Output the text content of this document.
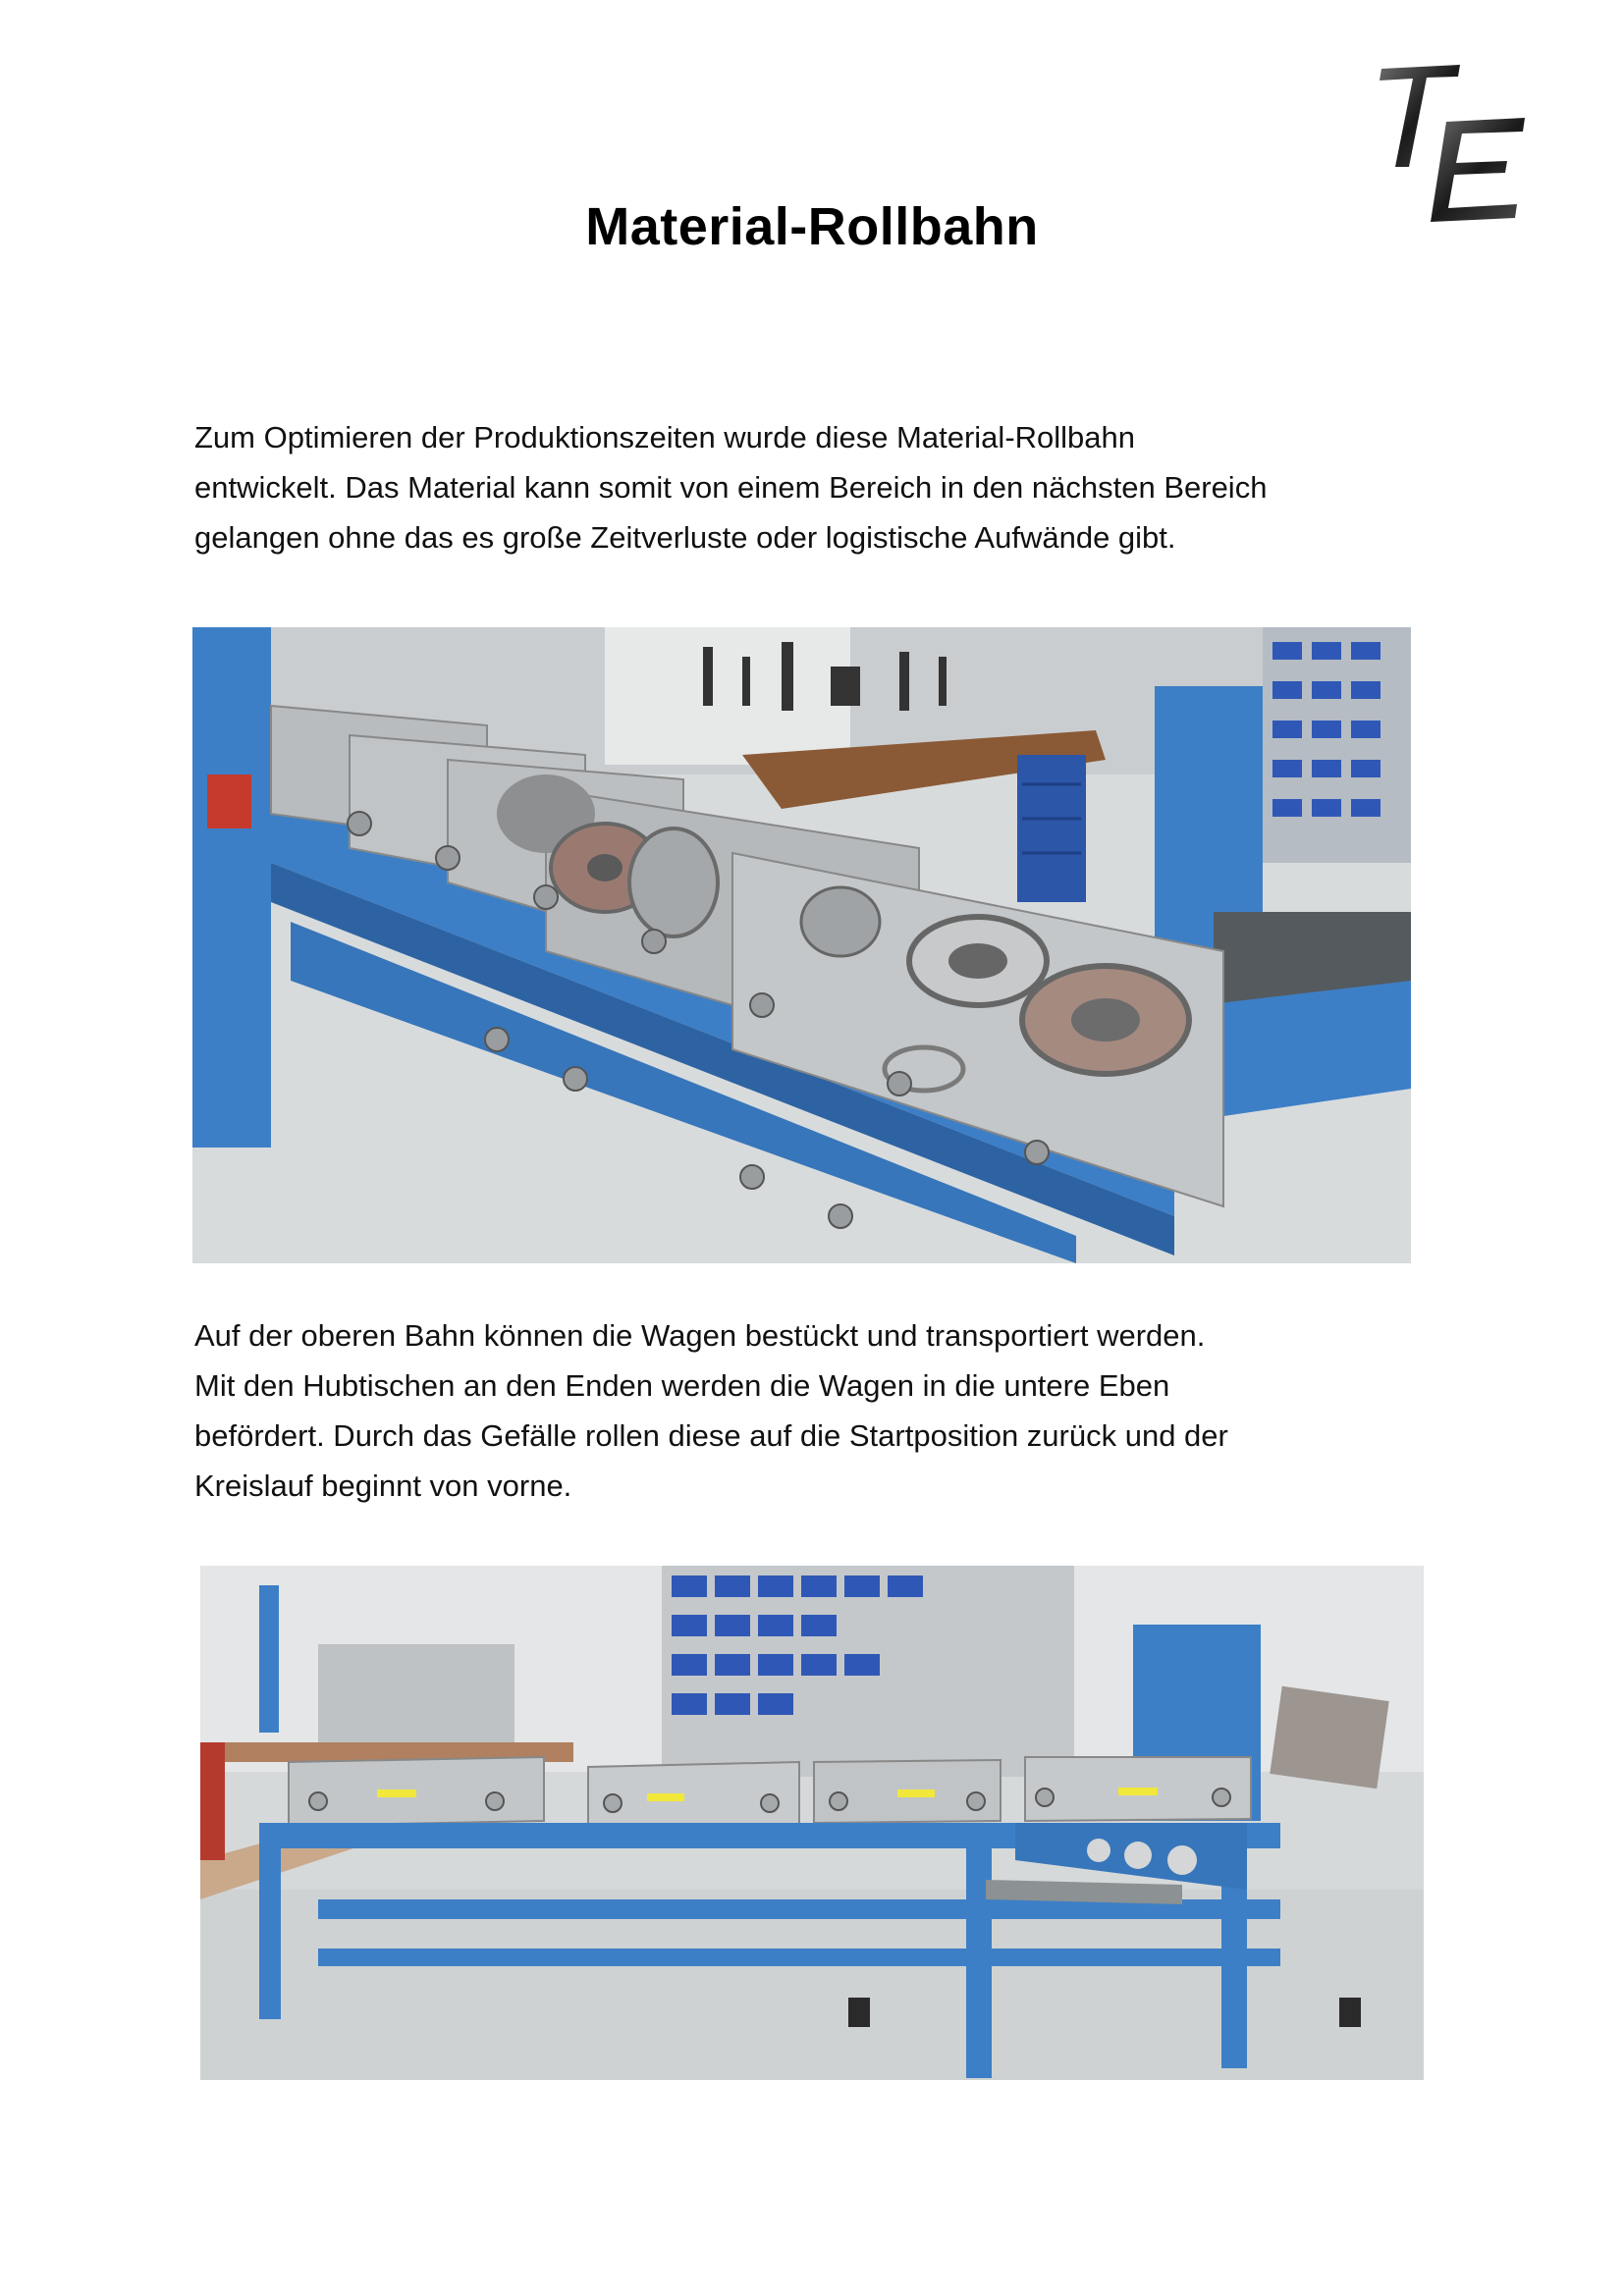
Material-Rollbahn

Zum Optimieren der Produktionszeiten wurde diese Material-Rollbahn
entwickelt. Das Material kann somit von einem Bereich in den nächsten Bereich
gelangen ohne das es große Zeitverluste oder logistische Aufwände gibt.

Auf der oberen Bahn können die Wagen bestückt und transportiert werden.
Mit den Hubtischen an den Enden werden die Wagen in die untere Eben
befördert. Durch das Gefälle rollen diese auf die Startposition zurück und der
Kreislauf beginnt von vorne.
